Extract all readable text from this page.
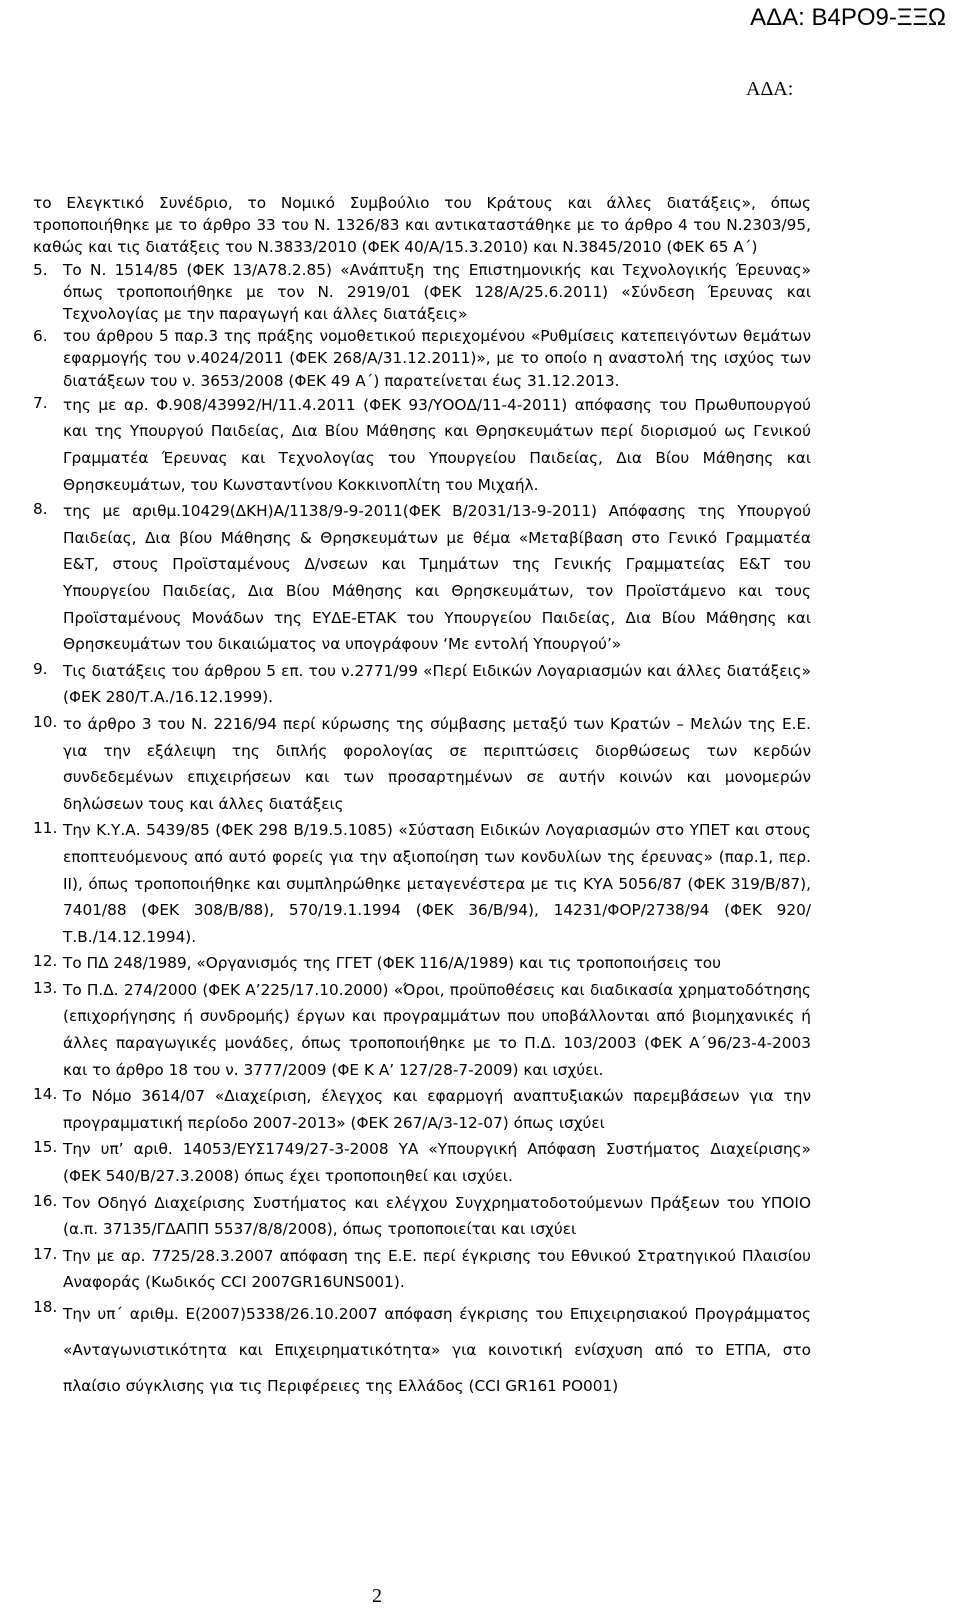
ΑΔΑ: Β4ΡΟ9-ΞΞΩ
ΑΔΑ:

το Ελεγκτικό Συνέδριο, το Νομικό Συμβούλιο του Κράτους και άλλες διατάξεις», όπως τροποποιήθηκε με το άρθρο 33 του Ν. 1326/83 και αντικαταστάθηκε με το άρθρο 4 του Ν.2303/95, καθώς και τις διατάξεις του Ν.3833/2010 (ΦΕΚ 40/Α/15.3.2010) και Ν.3845/2010 (ΦΕΚ 65 Α΄)

5. Το Ν. 1514/85 (ΦΕΚ 13/Α78.2.85) «Ανάπτυξη της Επιστημονικής και Τεχνολογικής Έρευνας» όπως τροποποιήθηκε με τον Ν. 2919/01 (ΦΕΚ 128/Α/25.6.2011) «Σύνδεση Έρευνας και Τεχνολογίας με την παραγωγή και άλλες διατάξεις»
6. του άρθρου 5 παρ.3 της πράξης νομοθετικού περιεχομένου «Ρυθμίσεις κατεπειγόντων θεμάτων εφαρμογής του ν.4024/2011 (ΦΕΚ 268/Α/31.12.2011)», με το οποίο η αναστολή της ισχύος των διατάξεων του ν. 3653/2008 (ΦΕΚ 49 Α΄) παρατείνεται έως 31.12.2013.
7. της με αρ. Φ.908/43992/Η/11.4.2011 (ΦΕΚ 93/ΥΟΟΔ/11-4-2011) απόφασης του Πρωθυπουργού και της Υπουργού Παιδείας, Δια Βίου Μάθησης και Θρησκευμάτων περί διορισμού ως Γενικού Γραμματέα Έρευνας και Τεχνολογίας του Υπουργείου Παιδείας, Δια Βίου Μάθησης και Θρησκευμάτων, του Κωνσταντίνου Κοκκινοπλίτη του Μιχαήλ.
8. της με αριθμ.10429(ΔΚΗ)Α/1138/9-9-2011(ΦΕΚ Β/2031/13-9-2011) Απόφασης της Υπουργού Παιδείας, Δια βίου Μάθησης & Θρησκευμάτων με θέμα «Μεταβίβαση στο Γενικό Γραμματέα Ε&Τ, στους Προϊσταμένους Δ/νσεων και Τμημάτων της Γενικής Γραμματείας Ε&Τ του Υπουργείου Παιδείας, Δια Βίου Μάθησης και Θρησκευμάτων, τον Προϊστάμενο και τους Προϊσταμένους Μονάδων της ΕΥΔΕ-ΕΤΑΚ του Υπουργείου Παιδείας, Δια Βίου Μάθησης και Θρησκευμάτων του δικαιώματος να υπογράφουν ‘Με εντολή Υπουργού’»
9. Τις διατάξεις του άρθρου 5 επ. του ν.2771/99 «Περί Ειδικών Λογαριασμών και άλλες διατάξεις» (ΦΕΚ 280/Τ.Α./16.12.1999).
10. το άρθρο 3 του Ν. 2216/94 περί κύρωσης της σύμβασης μεταξύ των Κρατών – Μελών της Ε.Ε. για την εξάλειψη της διπλής φορολογίας σε περιπτώσεις διορθώσεως των κερδών συνδεδεμένων επιχειρήσεων και των προσαρτημένων σε αυτήν κοινών και μονομερών δηλώσεων τους και άλλες διατάξεις
11. Την Κ.Υ.Α. 5439/85 (ΦΕΚ 298 Β/19.5.1085) «Σύσταση Ειδικών Λογαριασμών στο ΥΠΕΤ και στους εποπτευόμενους από αυτό φορείς για την αξιοποίηση των κονδυλίων της έρευνας» (παρ.1, περ. ΙΙ), όπως τροποποιήθηκε και συμπληρώθηκε μεταγενέστερα με τις ΚΥΑ 5056/87 (ΦΕΚ 319/Β/87), 7401/88 (ΦΕΚ 308/Β/88), 570/19.1.1994 (ΦΕΚ 36/Β/94), 14231/ΦΟΡ/2738/94 (ΦΕΚ 920/Τ.Β./14.12.1994).
12. Το ΠΔ 248/1989, «Οργανισμός της ΓΓΕΤ (ΦΕΚ 116/Α/1989) και τις τροποποιήσεις του
13. Το Π.Δ. 274/2000 (ΦΕΚ Α’225/17.10.2000) «Όροι, προϋποθέσεις και διαδικασία χρηματοδότησης (επιχορήγησης ή συνδρομής) έργων και προγραμμάτων που υποβάλλονται από βιομηχανικές ή άλλες παραγωγικές μονάδες, όπως τροποποιήθηκε με το Π.Δ. 103/2003 (ΦΕΚ Α΄96/23-4-2003 και το άρθρο 18 του ν. 3777/2009 (ΦΕ Κ Α’ 127/28-7-2009) και ισχύει.
14. Το Νόμο 3614/07 «Διαχείριση, έλεγχος και εφαρμογή αναπτυξιακών παρεμβάσεων για την προγραμματική περίοδο 2007-2013» (ΦΕΚ 267/Α/3-12-07) όπως ισχύει
15. Την υπ’ αριθ. 14053/ΕΥΣ1749/27-3-2008 ΥΑ «Υπουργική Απόφαση Συστήματος Διαχείρισης» (ΦΕΚ 540/Β/27.3.2008) όπως έχει τροποποιηθεί και ισχύει.
16. Τον Οδηγό Διαχείρισης Συστήματος και ελέγχου Συγχρηματοδοτούμενων Πράξεων του ΥΠΟΙΟ (α.π. 37135/ΓΔΑΠΠ 5537/8/8/2008), όπως τροποποιείται και ισχύει
17. Την με αρ. 7725/28.3.2007 απόφαση της Ε.Ε. περί έγκρισης του Εθνικού Στρατηγικού Πλαισίου Αναφοράς (Κωδικός CCI 2007GR16UNS001).
18. Την υπ΄ αριθμ. Ε(2007)5338/26.10.2007 απόφαση έγκρισης του Επιχειρησιακού Προγράμματος «Ανταγωνιστικότητα και Επιχειρηματικότητα» για κοινοτική ενίσχυση από το ΕΤΠΑ, στο πλαίσιο σύγκλισης για τις Περιφέρειες της Ελλάδος (CCI GR161 PO001)
2
